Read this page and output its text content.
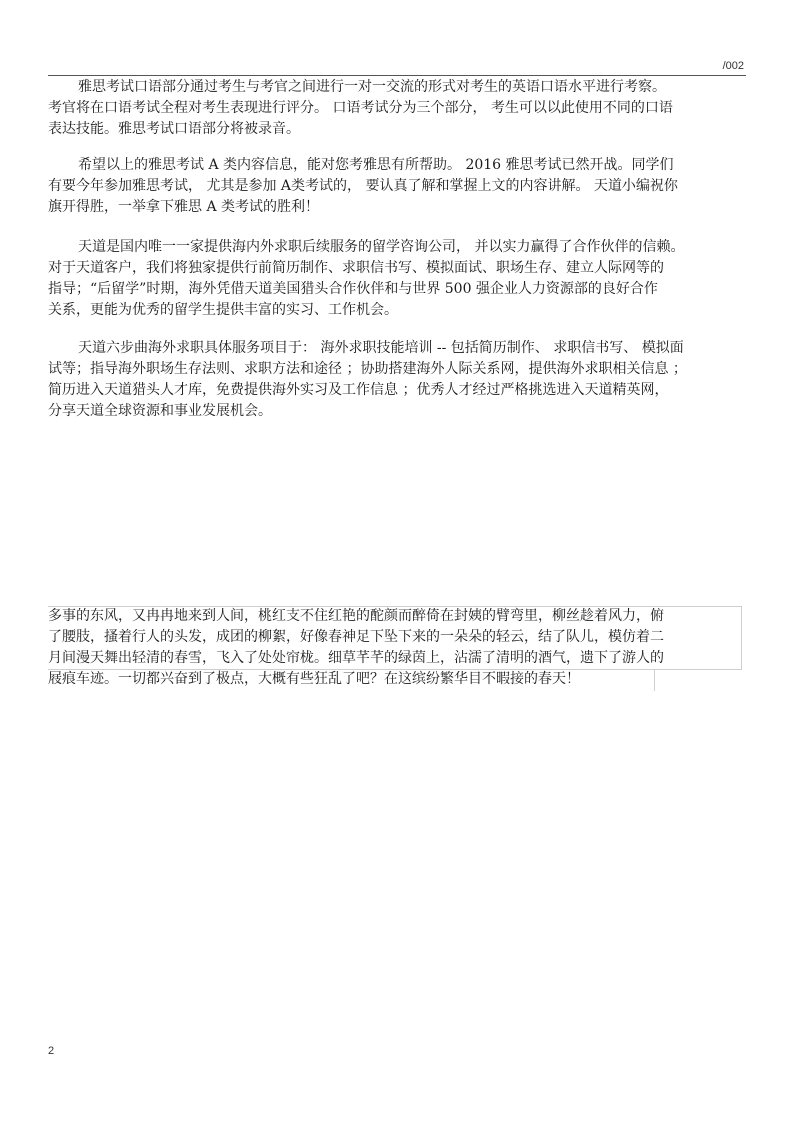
/002
雅思考试口语部分通过考生与考官之间进行一对一交流的形式对考生的英语口语水平进行考察。
考官将在口语考试全程对考生表现进行评分。 口语考试分为三个部分， 考生可以以此使用不同的口语
表达技能。雅思考试口语部分将被录音。
希望以上的雅思考试 A 类内容信息，能对您考雅思有所帮助。 2016 雅思考试已然开战。同学们
有要今年参加雅思考试， 尤其是参加 A类考试的， 要认真了解和掌握上文的内容讲解。 天道小编祝你
旗开得胜，一举拿下雅思 A 类考试的胜利！
天道是国内唯一一家提供海内外求职后续服务的留学咨询公司， 并以实力赢得了合作伙伴的信赖。
对于天道客户，我们将独家提供行前简历制作、求职信书写、模拟面试、职场生存、建立人际网等的
指导；“后留学”时期，海外凭借天道美国猎头合作伙伴和与世界 500 强企业人力资源部的良好合作
关系，更能为优秀的留学生提供丰富的实习、工作机会。
天道六步曲海外求职具体服务项目于： 海外求职技能培训 -- 包括简历制作、 求职信书写、 模拟面
试等；指导海外职场生存法则、求职方法和途径 ；协助搭建海外人际关系网，提供海外求职相关信息 ；
简历进入天道猎头人才库，免费提供海外实习及工作信息 ；优秀人才经过严格挑选进入天道精英网，
分享天道全球资源和事业发展机会。
多事的东风，又冉冉地来到人间，桃红支不住红艳的酡颜而醉倚在封姨的臂弯里，柳丝趁着风力，俯
了腰肢，搔着行人的头发，成团的柳絮，好像春神足下坠下来的一朵朵的轻云，结了队儿，模仿着二
月间漫天舞出轻清的春雪，飞入了处处帘栊。细草芊芊的绿茵上，沾濡了清明的酒气，遗下了游人的
屐痕车迹。一切都兴奋到了极点，大概有些狂乱了吧？在这缤纷繁华目不暇接的春天！
2
